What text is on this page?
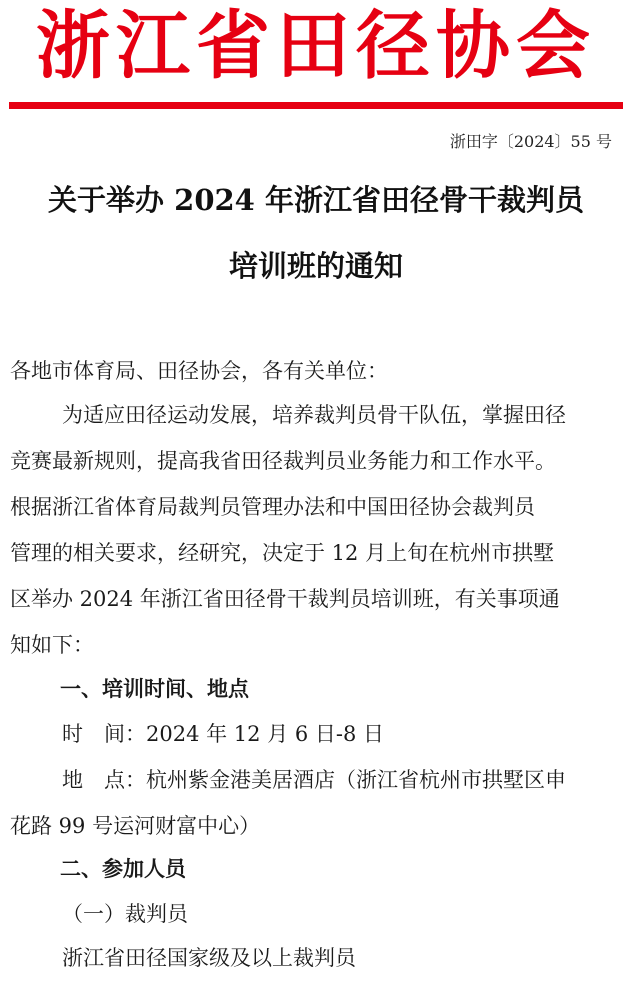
浙江省田径协会
浙田字〔2024〕55 号
关于举办 2024 年浙江省田径骨干裁判员
培训班的通知
各地市体育局、田径协会，各有关单位：
为适应田径运动发展，培养裁判员骨干队伍，掌握田径
竞赛最新规则，提高我省田径裁判员业务能力和工作水平。
根据浙江省体育局裁判员管理办法和中国田径协会裁判员
管理的相关要求，经研究，决定于 12 月上旬在杭州市拱墅
区举办 2024 年浙江省田径骨干裁判员培训班，有关事项通
知如下：
一、培训时间、地点
时　间：2024 年 12 月 6 日-8 日
地　点：杭州紫金港美居酒店（浙江省杭州市拱墅区申
花路 99 号运河财富中心）
二、参加人员
（一）裁判员
浙江省田径国家级及以上裁判员
